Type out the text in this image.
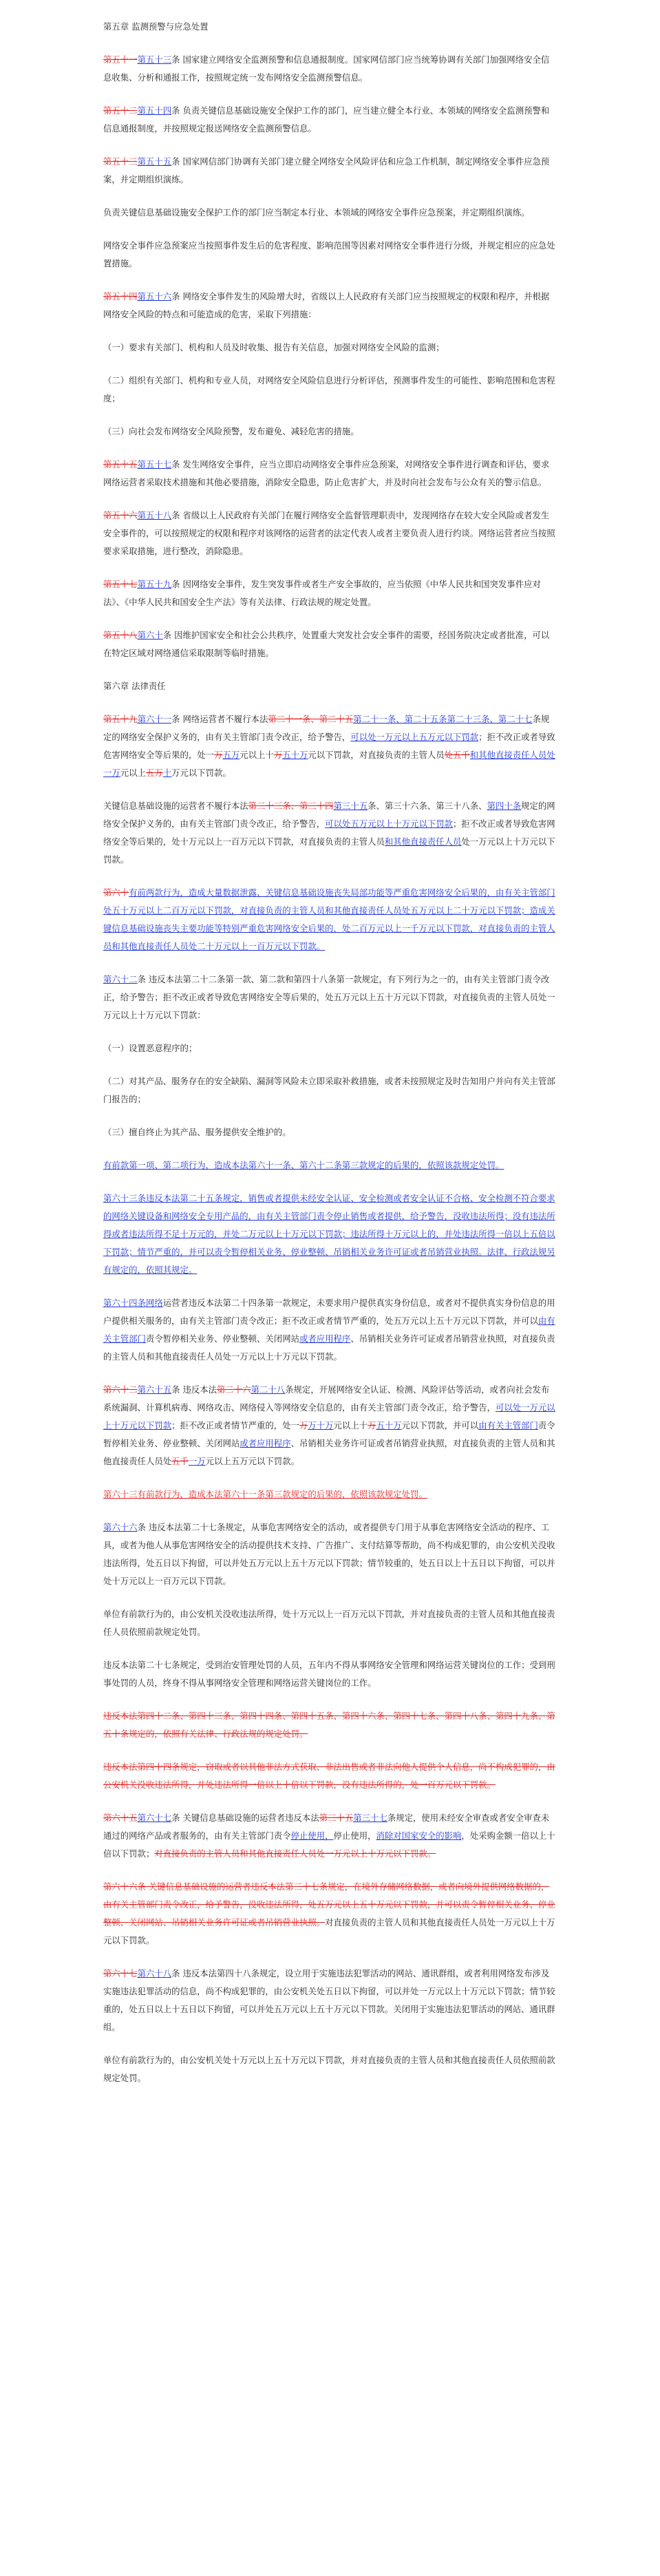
第五章 监测预警与应急处置

第五十一第五十三条 国家建立网络安全监测预警和信息通报制度。国家网信部门应当统筹协调有关部门加强网络安全信息收集、分析和通报工作，按照规定统一发布网络安全监测预警信息。

第五十二第五十四条 负责关键信息基础设施安全保护工作的部门，应当建立健全本行业、本领域的网络安全监测预警和信息通报制度，并按照规定报送网络安全监测预警信息。

第五十三第五十五条 国家网信部门协调有关部门建立健全网络安全风险评估和应急工作机制，制定网络安全事件应急预案，并定期组织演练。

负责关键信息基础设施安全保护工作的部门应当制定本行业、本领域的网络安全事件应急预案，并定期组织演练。

网络安全事件应急预案应当按照事件发生后的危害程度、影响范围等因素对网络安全事件进行分级，并规定相应的应急处置措施。

第五十四第五十六条 网络安全事件发生的风险增大时，省级以上人民政府有关部门应当按照规定的权限和程序，并根据网络安全风险的特点和可能造成的危害，采取下列措施：

（一）要求有关部门、机构和人员及时收集、报告有关信息，加强对网络安全风险的监测；

（二）组织有关部门、机构和专业人员，对网络安全风险信息进行分析评估，预测事件发生的可能性、影响范围和危害程度；

（三）向社会发布网络安全风险预警，发布避免、减轻危害的措施。

第五十五第五十七条 发生网络安全事件，应当立即启动网络安全事件应急预案，对网络安全事件进行调查和评估，要求网络运营者采取技术措施和其他必要措施，消除安全隐患，防止危害扩大，并及时向社会发布与公众有关的警示信息。

第五十六第五十八条 省级以上人民政府有关部门在履行网络安全监督管理职责中，发现网络存在较大安全风险或者发生安全事件的，可以按照规定的权限和程序对该网络的运营者的法定代表人或者主要负责人进行约谈。网络运营者应当按照要求采取措施，进行整改，消除隐患。

第五十七第五十九条 因网络安全事件，发生突发事件或者生产安全事故的，应当依照《中华人民共和国突发事件应对法》、《中华人民共和国安全生产法》等有关法律、行政法规的规定处置。

第五十八第六十条 因维护国家安全和社会公共秩序，处置重大突发社会安全事件的需要，经国务院决定或者批准，可以在特定区域对网络通信采取限制等临时措施。

第六章 法律责任

第五十九第六十一条 网络运营者不履行本法第二十一条、第二十五第二十一条、第二十五条第二十三条、第二十七条规定的网络安全保护义务的，由有关主管部门责令改正，给予警告，可以处一万元以上五万元以下罚款；拒不改正或者导致危害网络安全等后果的，处一万五万元以上十万五十万元以下罚款，对直接负责的主管人员处五千和其他直接责任人员处一万元以上五万十万元以下罚款。

关键信息基础设施的运营者不履行本法第三十三条、第三十四第三十五条、第三十六条、第三十八条、第四十条规定的网络安全保护义务的，由有关主管部门责令改正，给予警告，可以处五万元以上十万元以下罚款；拒不改正或者导致危害网络安全等后果的，处十万元以上一百万元以下罚款，对直接负责的主管人员和其他直接责任人员处一万元以上十万元以下罚款。

第六十有前两款行为，造成大量数据泄露、关键信息基础设施丧失局部功能等严重危害网络安全后果的，由有关主管部门处五十万元以上二百万元以下罚款，对直接负责的主管人员和其他直接责任人员处五万元以上二十万元以下罚款；造成关键信息基础设施丧失主要功能等特别严重危害网络安全后果的，处二百万元以上一千万元以下罚款，对直接负责的主管人员和其他直接责任人员处二十万元以上一百万元以下罚款。

第六十二条 违反本法第二十二条第一款、第二款和第四十八条第一款规定，有下列行为之一的，由有关主管部门责令改正，给予警告；拒不改正或者导致危害网络安全等后果的，处五万元以上五十万元以下罚款，对直接负责的主管人员处一万元以上十万元以下罚款：

（一）设置恶意程序的；

（二）对其产品、服务存在的安全缺陷、漏洞等风险未立即采取补救措施，或者未按照规定及时告知用户并向有关主管部门报告的；

（三）擅自终止为其产品、服务提供安全维护的。

有前款第一项、第二项行为，造成本法第六十一条、第六十二条第三款规定的后果的，依照该款规定处罚。

第六十三条违反本法第二十五条规定，销售或者提供未经安全认证、安全检测或者安全认证不合格、安全检测不符合要求的网络关键设备和网络安全专用产品的，由有关主管部门责令停止销售或者提供，给予警告，没收违法所得；没有违法所得或者违法所得不足十万元的，并处二万元以上十万元以下罚款；违法所得十万元以上的，并处违法所得一倍以上五倍以下罚款；情节严重的，并可以责令暂停相关业务、停业整顿、吊销相关业务许可证或者吊销营业执照。法律、行政法规另有规定的，依照其规定。

第六十四条网络运营者违反本法第二十四条第一款规定，未要求用户提供真实身份信息，或者对不提供真实身份信息的用户提供相关服务的，由有关主管部门责令改正；拒不改正或者情节严重的，处五万元以上五十万元以下罚款，并可以由有关主管部门责令暂停相关业务、停业整顿、关闭网站或者应用程序、吊销相关业务许可证或者吊销营业执照，对直接负责的主管人员和其他直接责任人员处一万元以上十万元以下罚款。

第六十二第六十五条 违反本法第二十六第二十八条规定，开展网络安全认证、检测、风险评估等活动，或者向社会发布系统漏洞、计算机病毒、网络攻击、网络侵入等网络安全信息的，由有关主管部门责令改正，给予警告，可以处一万元以上十万元以下罚款；拒不改正或者情节严重的，处一万万十万元以上十万五十万元以下罚款，并可以由有关主管部门责令暂停相关业务、停业整顿、关闭网站或者应用程序、吊销相关业务许可证或者吊销营业执照，对直接负责的主管人员和其他直接责任人员处五千一万元以上五万元以下罚款。

第六十三有前款行为，造成本法第六十一条第三款规定的后果的，依照该款规定处罚。

第六十六条 违反本法第二十七条规定，从事危害网络安全的活动，或者提供专门用于从事危害网络安全活动的程序、工具，或者为他人从事危害网络安全的活动提供技术支持、广告推广、支付结算等帮助，尚不构成犯罪的，由公安机关没收违法所得，处五日以下拘留，可以并处五万元以上五十万元以下罚款；情节较重的，处五日以上十五日以下拘留，可以并处十万元以上一百万元以下罚款。

单位有前款行为的，由公安机关没收违法所得，处十万元以上一百万元以下罚款，并对直接负责的主管人员和其他直接责任人员依照前款规定处罚。

违反本法第二十七条规定，受到治安管理处罚的人员，五年内不得从事网络安全管理和网络运营关键岗位的工作；受到刑事处罚的人员，终身不得从事网络安全管理和网络运营关键岗位的工作。

违反本法第四十二条、第四十三条、第四十四条、第四十五条、第四十六条、第四十七条、第四十八条、第四十九条、第五十条规定的，依照有关法律、行政法规的规定处罚。

违反本法第四十四条规定，窃取或者以其他非法方式获取、非法出售或者非法向他人提供个人信息，尚不构成犯罪的，由公安机关没收违法所得，并处违法所得一倍以上十倍以下罚款，没有违法所得的，处一百万元以下罚款。

第六十五第六十七条 关键信息基础设施的运营者违反本法第三十五第三十七条规定，使用未经安全审查或者安全审查未通过的网络产品或者服务的，由有关主管部门责令停止使用，停止使用，消除对国家安全的影响，处采购金额一倍以上十倍以下罚款；对直接负责的主管人员和其他直接责任人员处一万元以上十万元以下罚款。

第六十六条 关键信息基础设施的运营者违反本法第三十七条规定，在境外存储网络数据，或者向境外提供网络数据的，由有关主管部门责令改正，给予警告，没收违法所得，处五万元以上五十万元以下罚款，并可以责令暂停相关业务、停业整顿、关闭网站、吊销相关业务许可证或者吊销营业执照。对直接负责的主管人员和其他直接责任人员处一万元以上十万元以下罚款。

第六十七第六十八条 违反本法第四十八条规定，设立用于实施违法犯罪活动的网站、通讯群组，或者利用网络发布涉及实施违法犯罪活动的信息，尚不构成犯罪的，由公安机关处五日以下拘留，可以并处一万元以上十万元以下罚款；情节较重的，处五日以上十五日以下拘留，可以并处五万元以上五十万元以下罚款。关闭用于实施违法犯罪活动的网站、通讯群组。

单位有前款行为的，由公安机关处十万元以上五十万元以下罚款，并对直接负责的主管人员和其他直接责任人员依照前款规定处罚。
